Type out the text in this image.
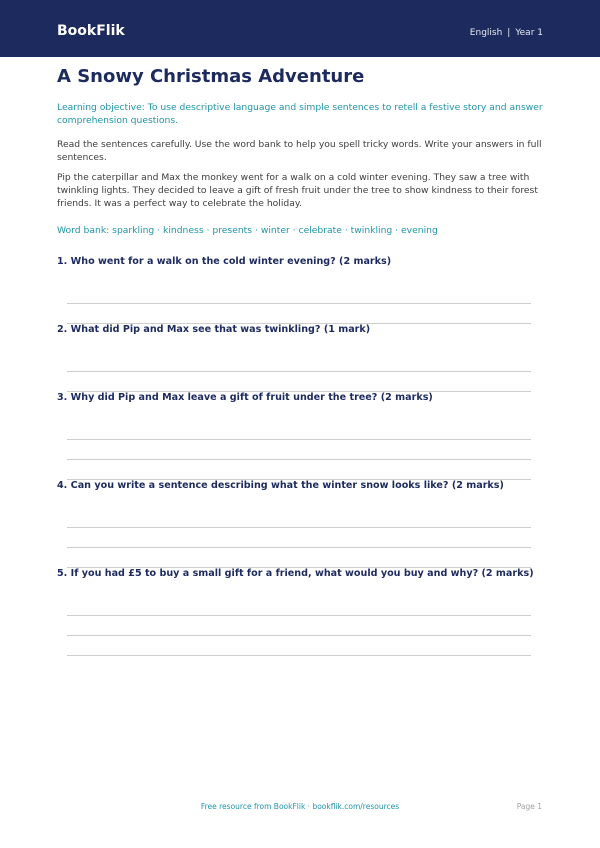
BookFlik	English | Year 1
A Snowy Christmas Adventure
Learning objective: To use descriptive language and simple sentences to retell a festive story and answer comprehension questions.
Read the sentences carefully. Use the word bank to help you spell tricky words. Write your answers in full sentences.
Pip the caterpillar and Max the monkey went for a walk on a cold winter evening. They saw a tree with twinkling lights. They decided to leave a gift of fresh fruit under the tree to show kindness to their forest friends. It was a perfect way to celebrate the holiday.
Word bank: sparkling · kindness · presents · winter · celebrate · twinkling · evening
1. Who went for a walk on the cold winter evening? (2 marks)
2. What did Pip and Max see that was twinkling? (1 mark)
3. Why did Pip and Max leave a gift of fruit under the tree? (2 marks)
4. Can you write a sentence describing what the winter snow looks like? (2 marks)
5. If you had £5 to buy a small gift for a friend, what would you buy and why? (2 marks)
Free resource from BookFlik · bookflik.com/resources	Page 1
